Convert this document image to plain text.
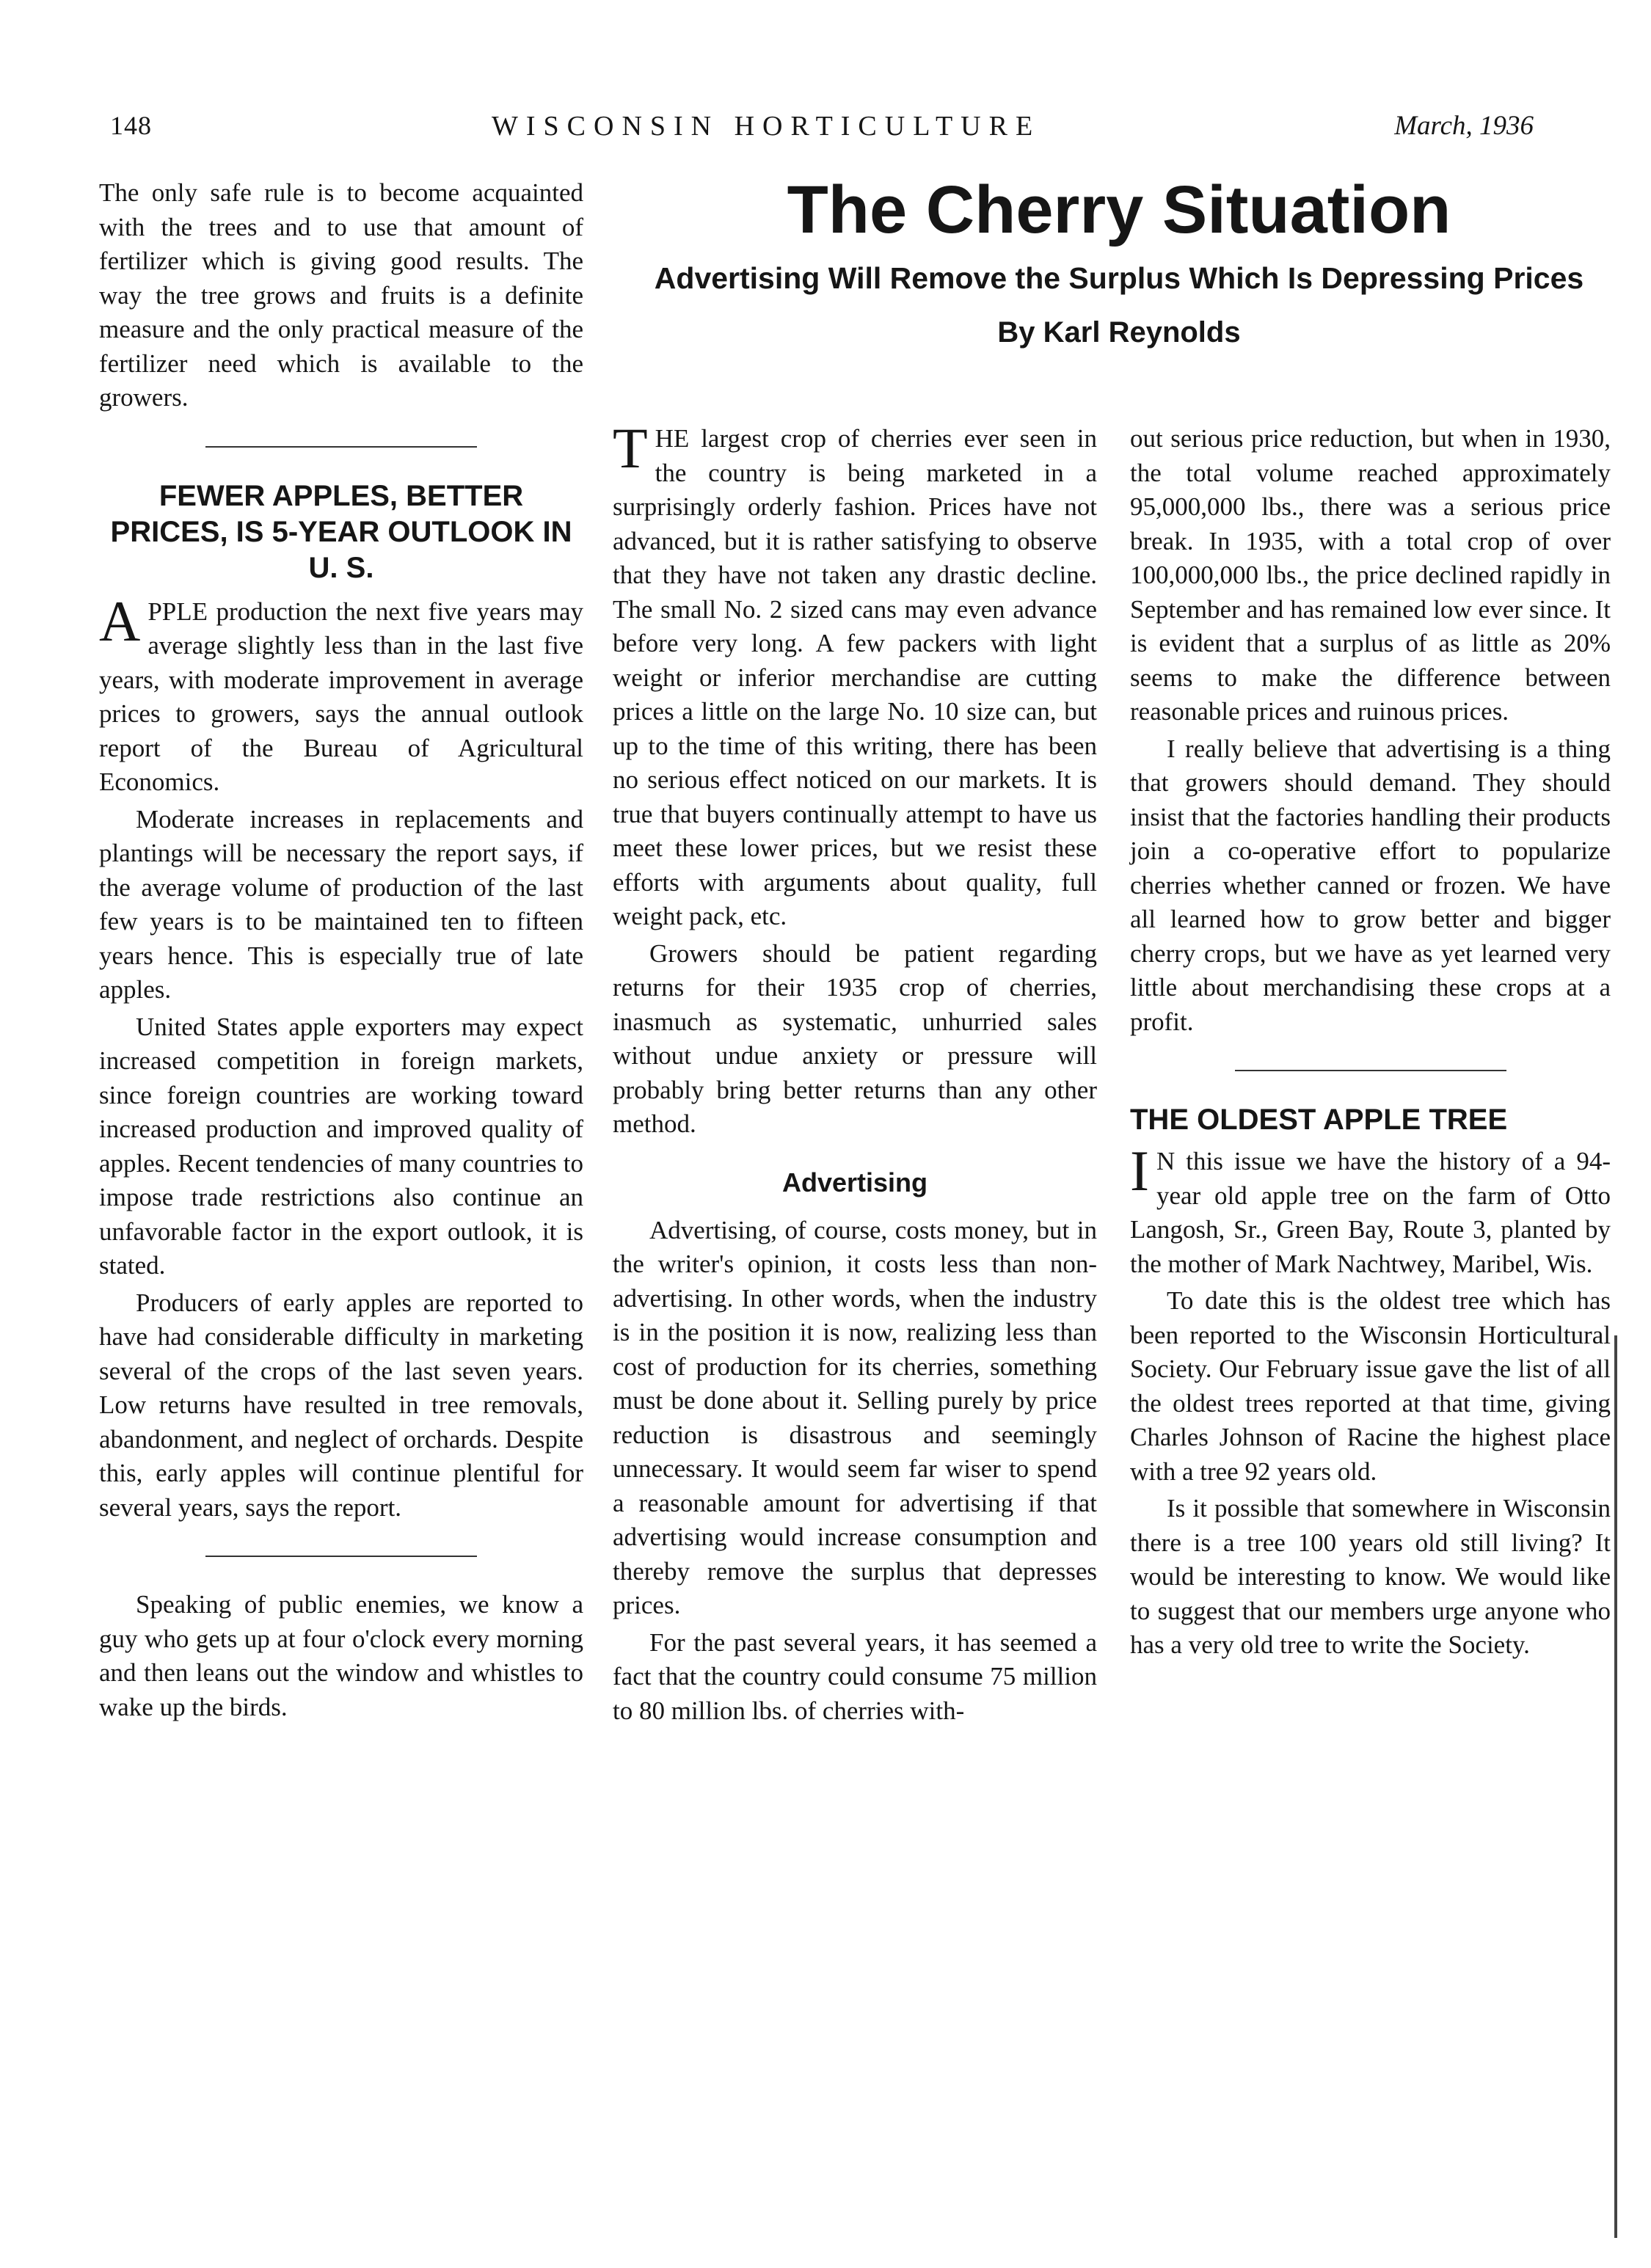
148	WISCONSIN HORTICULTURE	March, 1936

The only safe rule is to become acquainted with the trees and to use that amount of fertilizer which is giving good results. The way the tree grows and fruits is a definite measure and the only practical measure of the fertilizer need which is available to the growers.

FEWER APPLES, BETTER PRICES, IS 5-YEAR OUTLOOK IN U. S.

APPLE production the next five years may average slightly less than in the last five years, with moderate improvement in average prices to growers, says the annual outlook report of the Bureau of Agricultural Economics.

Moderate increases in replacements and plantings will be necessary the report says, if the average volume of production of the last few years is to be maintained ten to fifteen years hence. This is especially true of late apples.

United States apple exporters may expect increased competition in foreign markets, since foreign countries are working toward increased production and improved quality of apples. Recent tendencies of many countries to impose trade restrictions also continue an unfavorable factor in the export outlook, it is stated.

Producers of early apples are reported to have had considerable difficulty in marketing several of the crops of the last seven years. Low returns have resulted in tree removals, abandonment, and neglect of orchards. Despite this, early apples will continue plentiful for several years, says the report.

Speaking of public enemies, we know a guy who gets up at four o'clock every morning and then leans out the window and whistles to wake up the birds.

The Cherry Situation
Advertising Will Remove the Surplus Which Is Depressing Prices
By Karl Reynolds

THE largest crop of cherries ever seen in the country is being marketed in a surprisingly orderly fashion. Prices have not advanced, but it is rather satisfying to observe that they have not taken any drastic decline. The small No. 2 sized cans may even advance before very long. A few packers with light weight or inferior merchandise are cutting prices a little on the large No. 10 size can, but up to the time of this writing, there has been no serious effect noticed on our markets. It is true that buyers continually attempt to have us meet these lower prices, but we resist these efforts with arguments about quality, full weight pack, etc.

Growers should be patient regarding returns for their 1935 crop of cherries, inasmuch as systematic, unhurried sales without undue anxiety or pressure will probably bring better returns than any other method.

Advertising

Advertising, of course, costs money, but in the writer's opinion, it costs less than non-advertising. In other words, when the industry is in the position it is now, realizing less than cost of production for its cherries, something must be done about it. Selling purely by price reduction is disastrous and seemingly unnecessary. It would seem far wiser to spend a reasonable amount for advertising if that advertising would increase consumption and thereby remove the surplus that depresses prices.

For the past several years, it has seemed a fact that the country could consume 75 million to 80 million lbs. of cherries with-

out serious price reduction, but when in 1930, the total volume reached approximately 95,000,000 lbs., there was a serious price break. In 1935, with a total crop of over 100,000,000 lbs., the price declined rapidly in September and has remained low ever since. It is evident that a surplus of as little as 20% seems to make the difference between reasonable prices and ruinous prices.

I really believe that advertising is a thing that growers should demand. They should insist that the factories handling their products join a co-operative effort to popularize cherries whether canned or frozen. We have all learned how to grow better and bigger cherry crops, but we have as yet learned very little about merchandising these crops at a profit.

THE OLDEST APPLE TREE

I N this issue we have the history of a 94-year old apple tree on the farm of Otto Langosh, Sr., Green Bay, Route 3, planted by the mother of Mark Nachtwey, Maribel, Wis.

To date this is the oldest tree which has been reported to the Wisconsin Horticultural Society. Our February issue gave the list of all the oldest trees reported at that time, giving Charles Johnson of Racine the highest place with a tree 92 years old.

Is it possible that somewhere in Wisconsin there is a tree 100 years old still living? It would be interesting to know. We would like to suggest that our members urge anyone who has a very old tree to write the Society.
